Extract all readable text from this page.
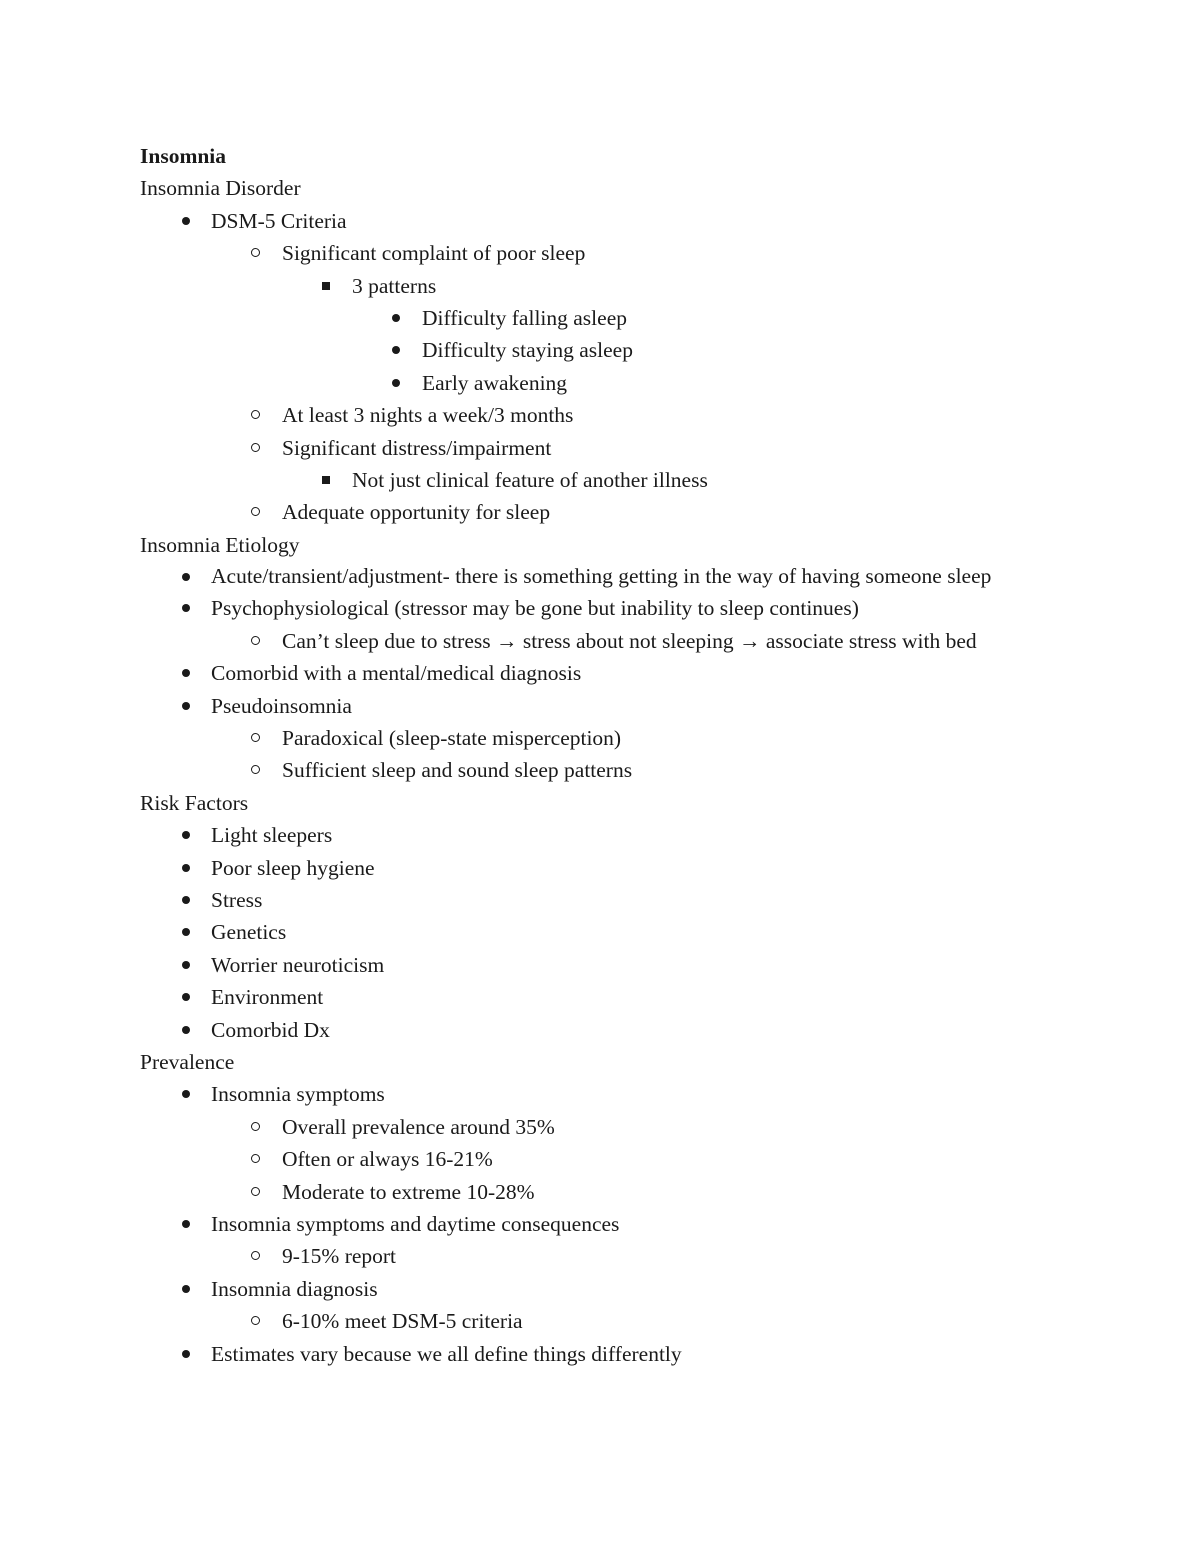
Insomnia
Insomnia Disorder
DSM-5 Criteria
Significant complaint of poor sleep
3 patterns
Difficulty falling asleep
Difficulty staying asleep
Early awakening
At least 3 nights a week/3 months
Significant distress/impairment
Not just clinical feature of another illness
Adequate opportunity for sleep
Insomnia Etiology
Acute/transient/adjustment- there is something getting in the way of having someone sleep
Psychophysiological (stressor may be gone but inability to sleep continues)
Can’t sleep due to stress → stress about not sleeping → associate stress with bed
Comorbid with a mental/medical diagnosis
Pseudoinsomnia
Paradoxical (sleep-state misperception)
Sufficient sleep and sound sleep patterns
Risk Factors
Light sleepers
Poor sleep hygiene
Stress
Genetics
Worrier neuroticism
Environment
Comorbid Dx
Prevalence
Insomnia symptoms
Overall prevalence around 35%
Often or always 16-21%
Moderate to extreme 10-28%
Insomnia symptoms and daytime consequences
9-15% report
Insomnia diagnosis
6-10% meet DSM-5 criteria
Estimates vary because we all define things differently
